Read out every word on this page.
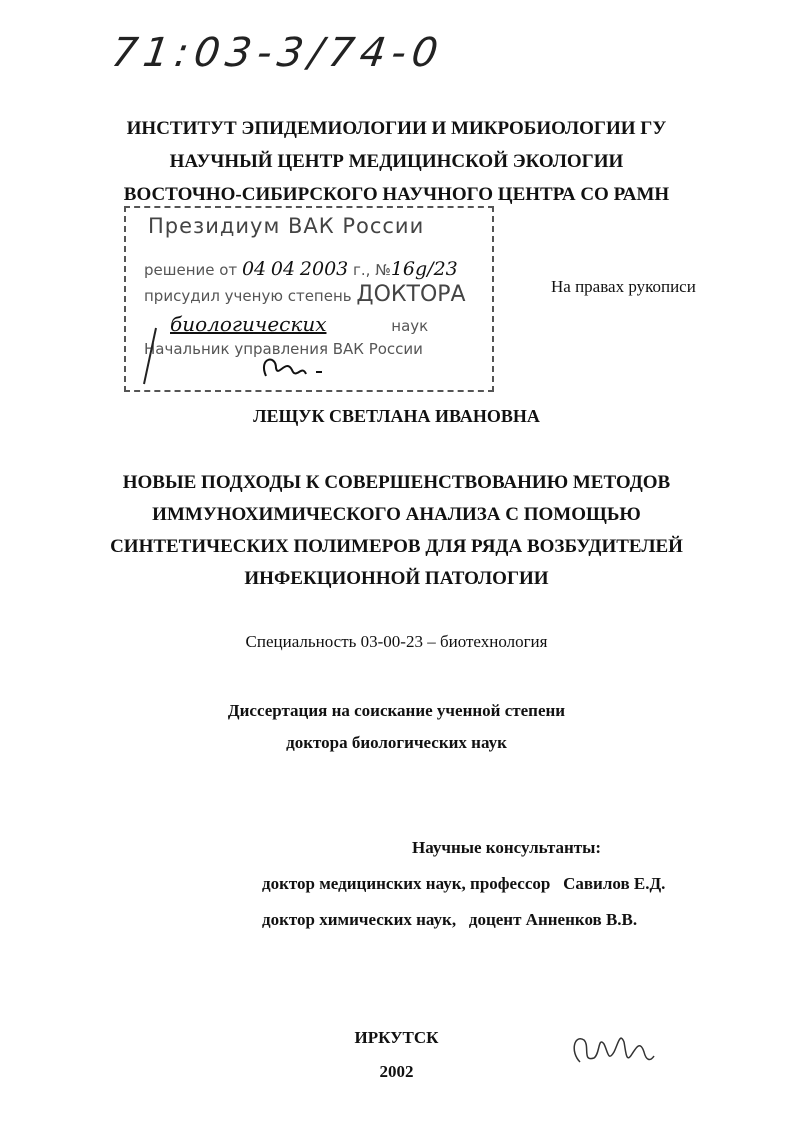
71:03-3/74-0
ИНСТИТУТ ЭПИДЕМИОЛОГИИ И МИКРОБИОЛОГИИ ГУ
НАУЧНЫЙ ЦЕНТР МЕДИЦИНСКОЙ ЭКОЛОГИИ
ВОСТОЧНО-СИБИРСКОГО НАУЧНОГО ЦЕНТРА СО РАМН
Президиум ВАК России
решение от 04 04 2003 г., №16g/23
присудил ученую степень ДОКТОРА
биологических	наук
Начальник управления ВАК России
На правах рукописи
ЛЕЩУК СВЕТЛАНА ИВАНОВНА
НОВЫЕ ПОДХОДЫ К СОВЕРШЕНСТВОВАНИЮ МЕТОДОВ
ИММУНОХИМИЧЕСКОГО АНАЛИЗА С ПОМОЩЬЮ
СИНТЕТИЧЕСКИХ ПОЛИМЕРОВ ДЛЯ РЯДА ВОЗБУДИТЕЛЕЙ
ИНФЕКЦИОННОЙ ПАТОЛОГИИ
Специальность 03-00-23 – биотехнология
Диссертация на соискание ученной степени
доктора биологических наук
Научные консультанты:
доктор медицинских наук, профессор   Савилов Е.Д.
доктор химических наук,   доцент Анненков В.В.
ИРКУТСК
2002
